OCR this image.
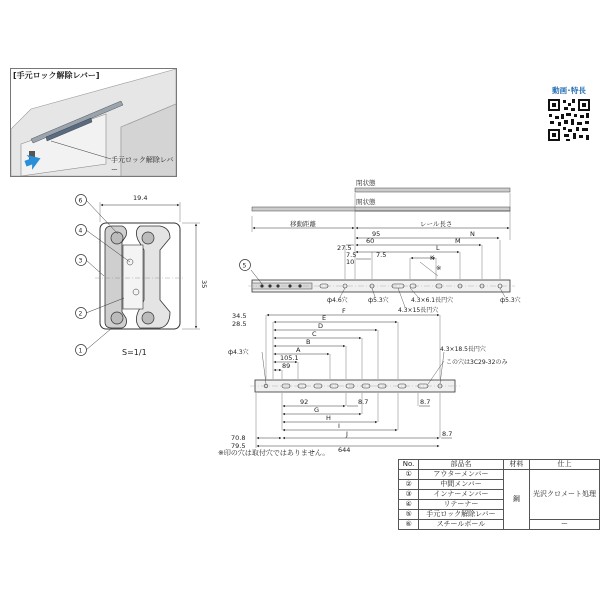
[手元ロック解除レバー]
手元ロック解除レバー
動画･特長
19.4
35
S=1/1
6
4
3
2
1
閉状態
開状態
移動距離	レール長さ
5
95
60
27.5
7.5	7.5
10
N
M
L
K
※
ф4.6穴	ф5.3穴	4.3×6.1長円穴
4.3×15長円穴
ф5.3穴
34.5
28.5
F
E
D
C
B
A
105.1
89
ф4.3穴	4.3×18.5長円穴
この穴は3C29-32のみ
92	8.7	8.7
G
H
I
J	8.7
70.8
79.5	644
※印の穴は取付穴ではありません。
No.	部品名	材料	仕上
①	アウターメンバー	鋼	光沢クロメート処理
②	中間メンバー		
③	インナーメンバー		
④	リテーナー		
⑤	手元ロック解除レバー		
⑥	スチールボール		ー
